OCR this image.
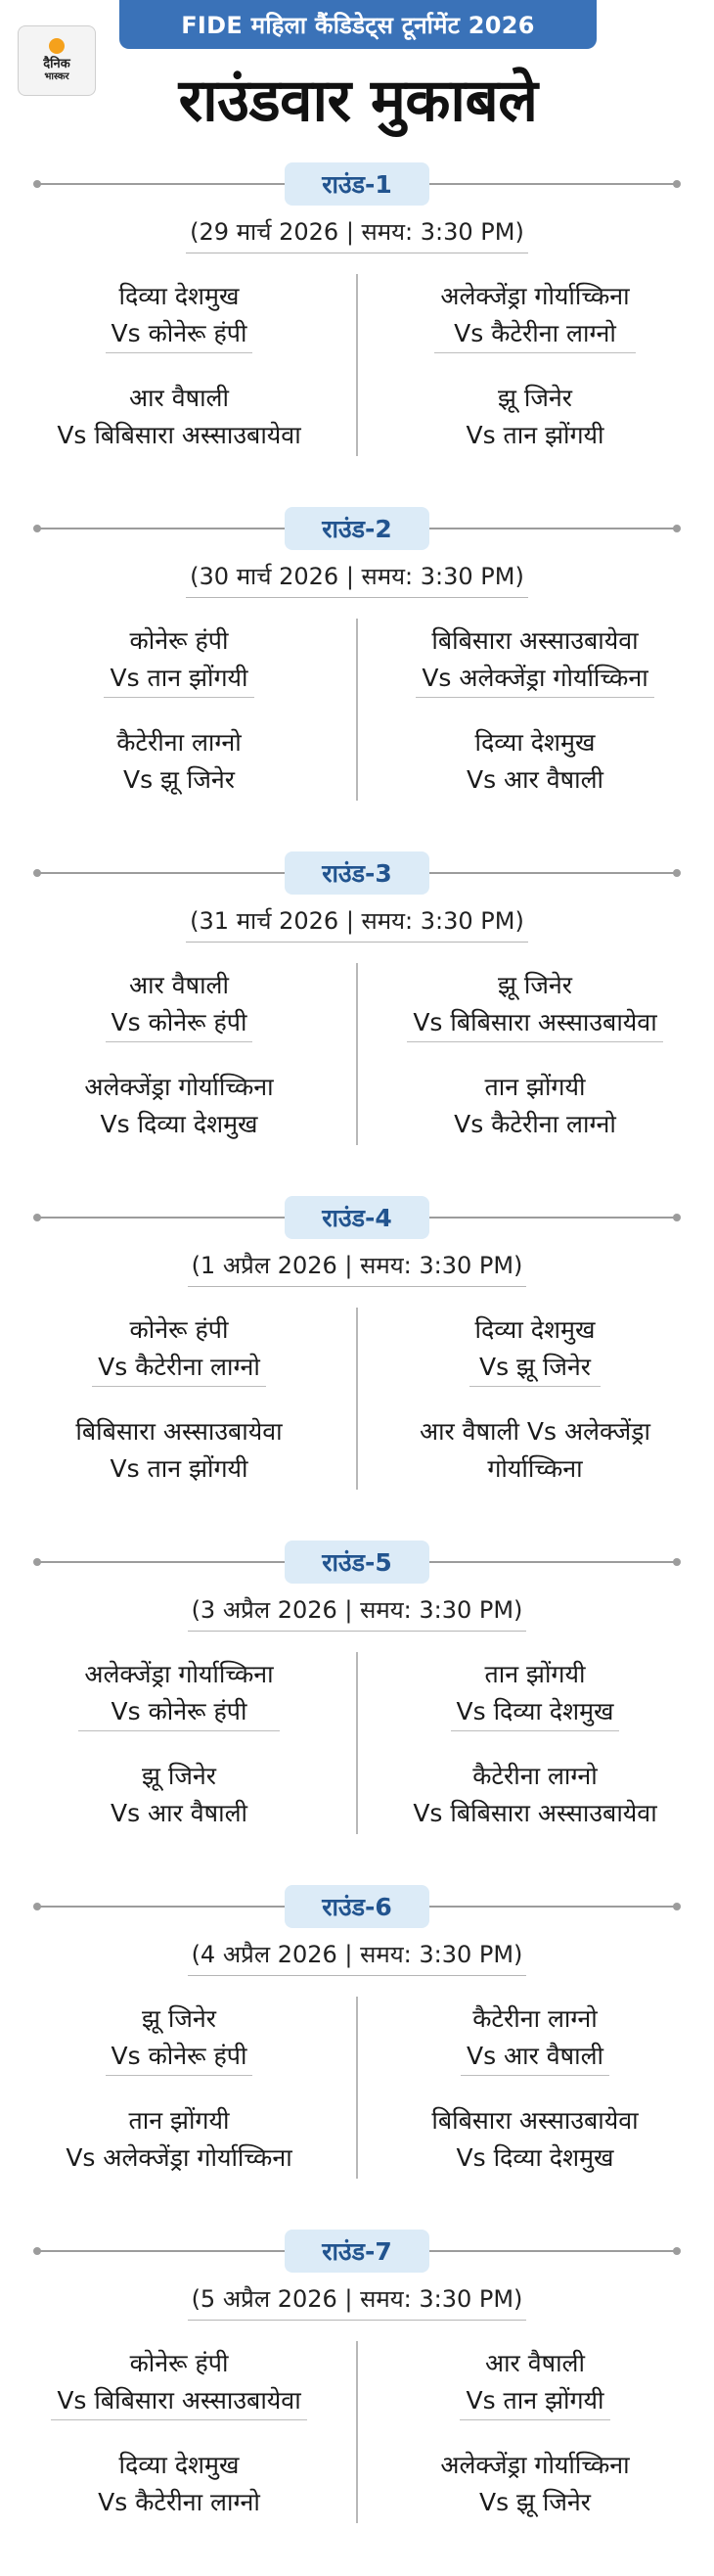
दैनिक
भास्कर
FIDE महिला कैंडिडेट्स टूर्नामेंट 2026
राउंडवार मुकाबले
राउंड-1
(29 मार्च 2026 | समय: 3:30 PM)
दिव्या देशमुख
Vs कोनेरू हंपी
अलेक्जेंड्रा गोर्याच्किना
Vs कैटेरीना लाग्नो
आर वैषाली
Vs बिबिसारा अस्साउबायेवा
झू जिनेर
Vs तान झोंगयी
राउंड-2
(30 मार्च 2026 | समय: 3:30 PM)
कोनेरू हंपी
Vs तान झोंगयी
बिबिसारा अस्साउबायेवा
Vs अलेक्जेंड्रा गोर्याच्किना
कैटेरीना लाग्नो
Vs झू जिनेर
दिव्या देशमुख
Vs आर वैषाली
राउंड-3
(31 मार्च 2026 | समय: 3:30 PM)
आर वैषाली
Vs कोनेरू हंपी
झू जिनेर
Vs बिबिसारा अस्साउबायेवा
अलेक्जेंड्रा गोर्याच्किना
Vs दिव्या देशमुख
तान झोंगयी
Vs कैटेरीना लाग्नो
राउंड-4
(1 अप्रैल 2026 | समय: 3:30 PM)
कोनेरू हंपी
Vs कैटेरीना लाग्नो
दिव्या देशमुख
Vs झू जिनेर
बिबिसारा अस्साउबायेवा
Vs तान झोंगयी
आर वैषाली Vs अलेक्जेंड्रा
गोर्याच्किना
राउंड-5
(3 अप्रैल 2026 | समय: 3:30 PM)
अलेक्जेंड्रा गोर्याच्किना
Vs कोनेरू हंपी
तान झोंगयी
Vs दिव्या देशमुख
झू जिनेर
Vs आर वैषाली
कैटेरीना लाग्नो
Vs बिबिसारा अस्साउबायेवा
राउंड-6
(4 अप्रैल 2026 | समय: 3:30 PM)
झू जिनेर
Vs कोनेरू हंपी
कैटेरीना लाग्नो
Vs आर वैषाली
तान झोंगयी
Vs अलेक्जेंड्रा गोर्याच्किना
बिबिसारा अस्साउबायेवा
Vs दिव्या देशमुख
राउंड-7
(5 अप्रैल 2026 | समय: 3:30 PM)
कोनेरू हंपी
Vs बिबिसारा अस्साउबायेवा
आर वैषाली
Vs तान झोंगयी
दिव्या देशमुख
Vs कैटेरीना लाग्नो
अलेक्जेंड्रा गोर्याच्किना
Vs झू जिनेर
